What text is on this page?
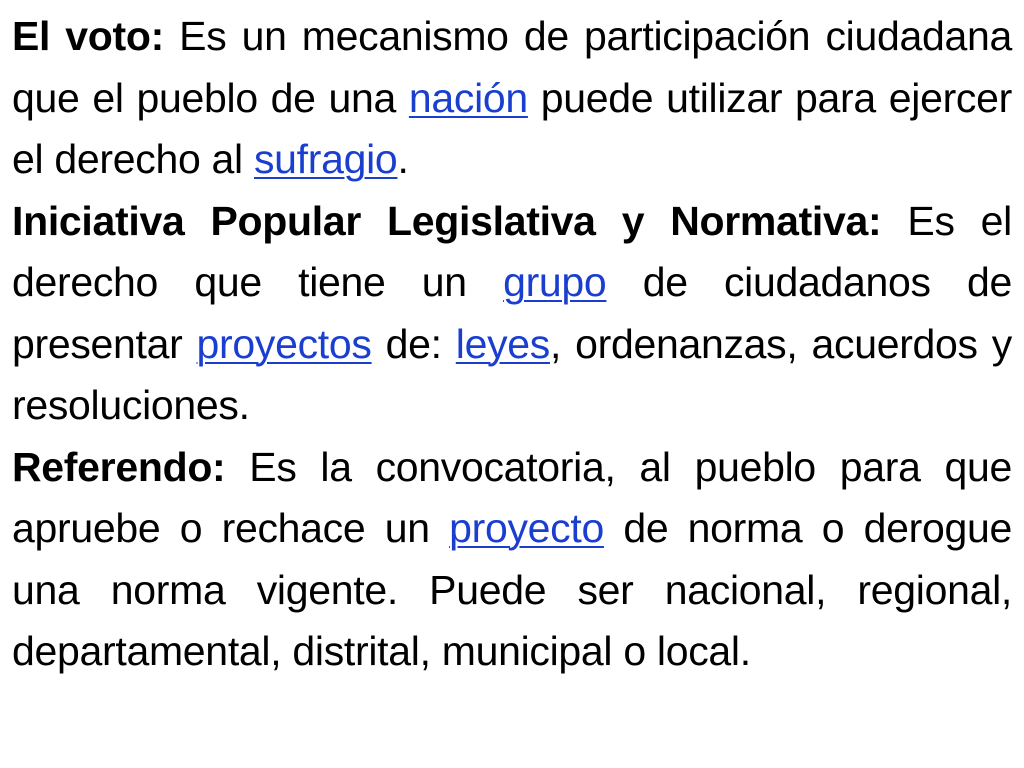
El voto: Es un mecanismo de participación ciudadana que el pueblo de una nación puede utilizar para ejercer el derecho al sufragio.

Iniciativa Popular Legislativa y Normativa: Es el derecho que tiene un grupo de ciudadanos de presentar proyectos de: leyes, ordenanzas, acuerdos y resoluciones.

Referendo: Es la convocatoria, al pueblo para que apruebe o rechace un proyecto de norma o derogue una norma vigente. Puede ser nacional, regional, departamental, distrital, municipal o local.
